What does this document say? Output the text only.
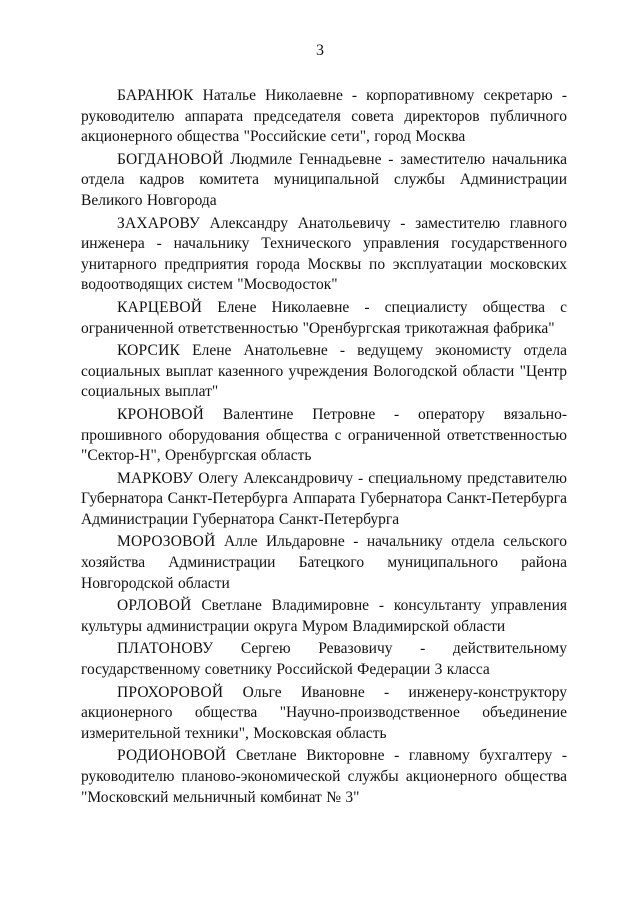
3

БАРАНЮК Наталье Николаевне - корпоративному секретарю - руководителю аппарата председателя совета директоров публичного акционерного общества "Российские сети", город Москва

БОГДАНОВОЙ Людмиле Геннадьевне - заместителю начальника отдела кадров комитета муниципальной службы Администрации Великого Новгорода

ЗАХАРОВУ Александру Анатольевичу - заместителю главного инженера - начальнику Технического управления государственного унитарного предприятия города Москвы по эксплуатации московских водоотводящих систем "Мосводосток"

КАРЦЕВОЙ Елене Николаевне - специалисту общества с ограниченной ответственностью "Оренбургская трикотажная фабрика"

КОРСИК Елене Анатольевне - ведущему экономисту отдела социальных выплат казенного учреждения Вологодской области "Центр социальных выплат"

КРОНОВОЙ Валентине Петровне - оператору вязально-прошивного оборудования общества с ограниченной ответственностью "Сектор-Н", Оренбургская область

МАРКОВУ Олегу Александровичу - специальному представителю Губернатора Санкт-Петербурга Аппарата Губернатора Санкт-Петербурга Администрации Губернатора Санкт-Петербурга

МОРОЗОВОЙ Алле Ильдаровне - начальнику отдела сельского хозяйства Администрации Батецкого муниципального района Новгородской области

ОРЛОВОЙ Светлане Владимировне - консультанту управления культуры администрации округа Муром Владимирской области

ПЛАТОНОВУ Сергею Ревазовичу - действительному государственному советнику Российской Федерации 3 класса

ПРОХОРОВОЙ Ольге Ивановне - инженеру-конструктору акционерного общества "Научно-производственное объединение измерительной техники", Московская область

РОДИОНОВОЙ Светлане Викторовне - главному бухгалтеру - руководителю планово-экономической службы акционерного общества "Московский мельничный комбинат № 3"
